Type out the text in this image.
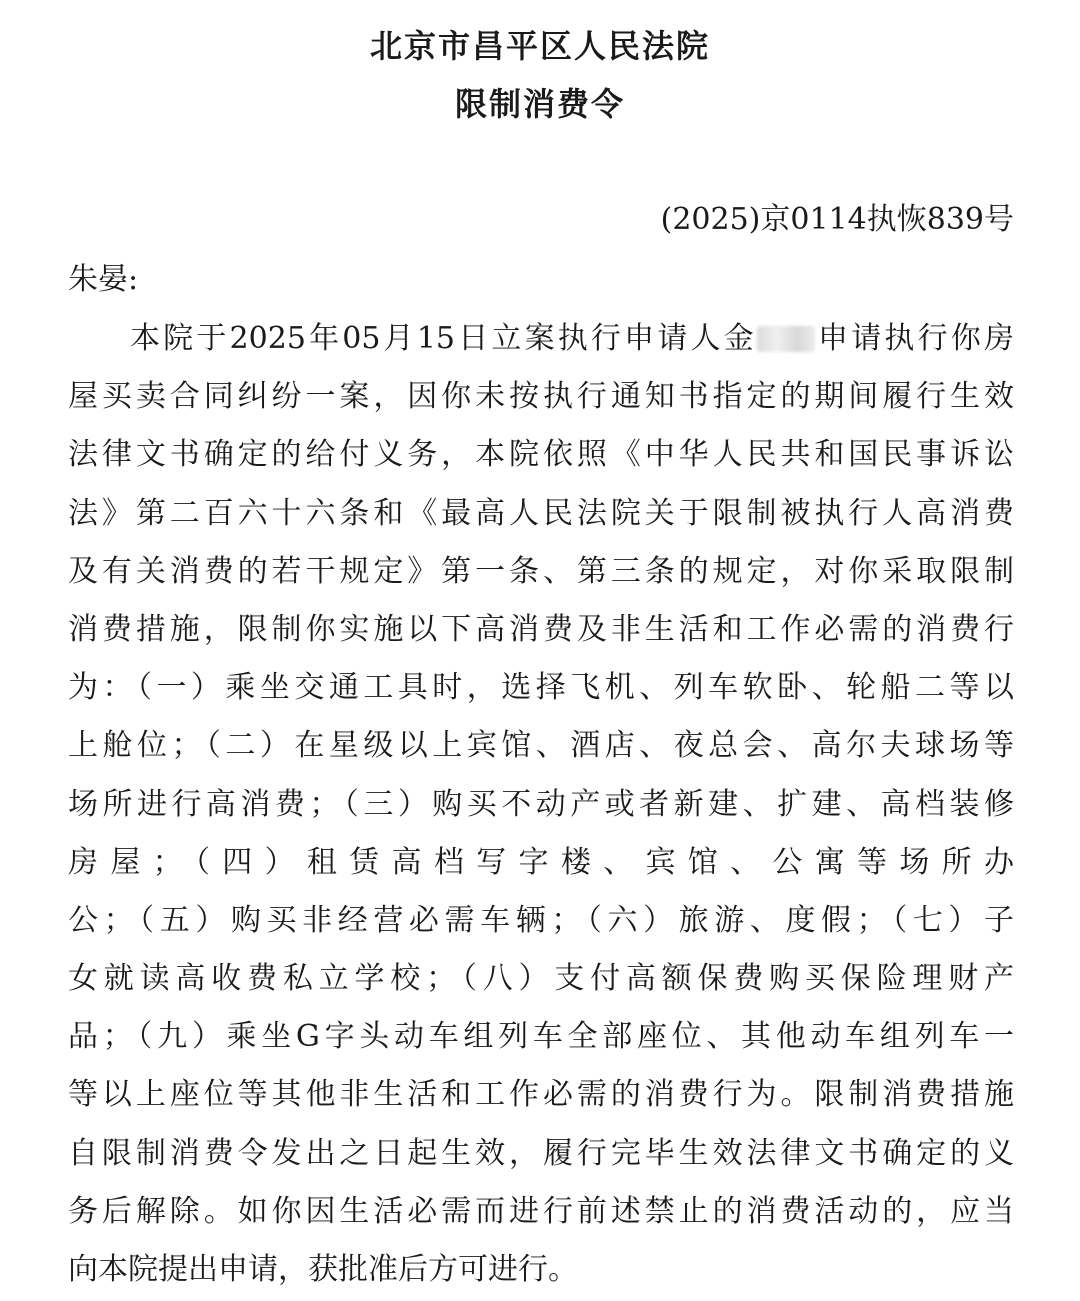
北京市昌平区人民法院
限制消费令
(2025)京0114执恢839号
朱晏:
本院于2025年05月15日立案执行申请人金 申请执行你房
屋买卖合同纠纷一案，因你未按执行通知书指定的期间履行生效
法律文书确定的给付义务，本院依照《中华人民共和国民事诉讼
法》第二百六十六条和《最高人民法院关于限制被执行人高消费
及有关消费的若干规定》第一条、第三条的规定，对你采取限制
消费措施，限制你实施以下高消费及非生活和工作必需的消费行
为：（一）乘坐交通工具时，选择飞机、列车软卧、轮船二等以
上舱位；（二）在星级以上宾馆、酒店、夜总会、高尔夫球场等
场所进行高消费；（三）购买不动产或者新建、扩建、高档装修
房屋；（四）租赁高档写字楼、宾馆、公寓等场所办
公；（五）购买非经营必需车辆；（六）旅游、度假；（七）子
女就读高收费私立学校；（八）支付高额保费购买保险理财产
品；（九）乘坐G字头动车组列车全部座位、其他动车组列车一
等以上座位等其他非生活和工作必需的消费行为。限制消费措施
自限制消费令发出之日起生效，履行完毕生效法律文书确定的义
务后解除。如你因生活必需而进行前述禁止的消费活动的，应当
向本院提出申请，获批准后方可进行。
